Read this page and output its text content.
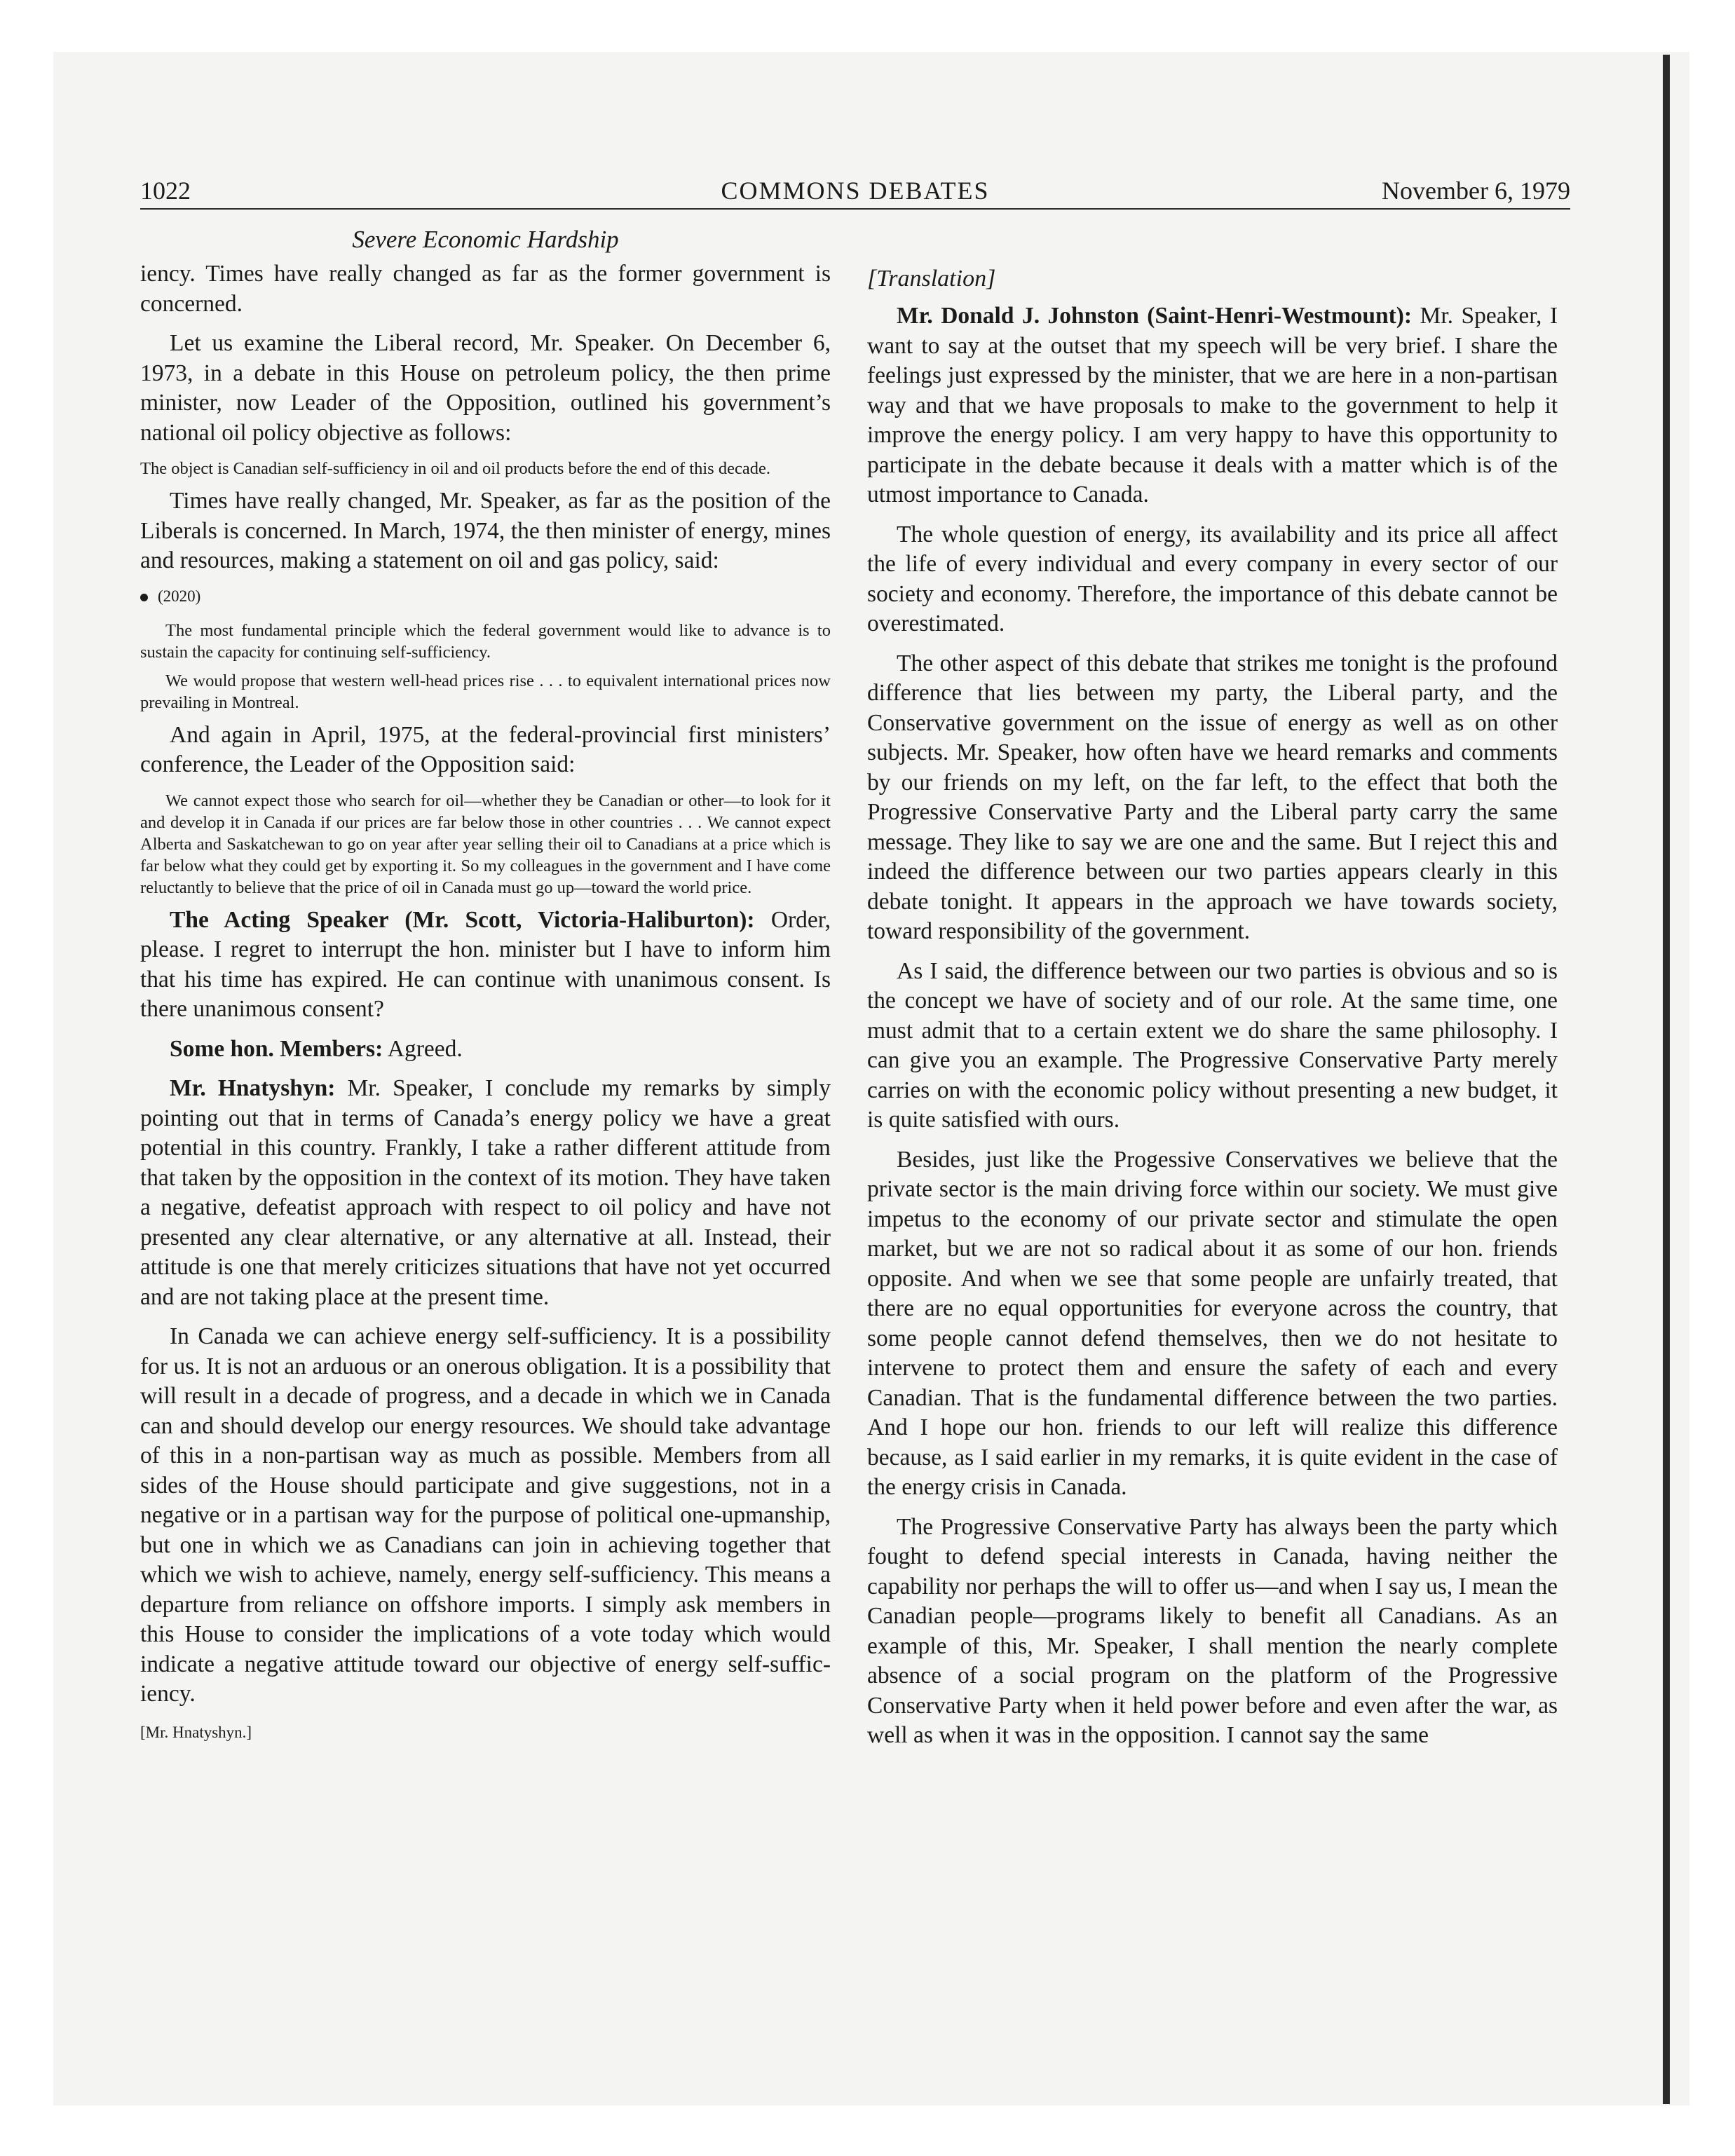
1022	COMMONS DEBATES	November 6, 1979

Severe Economic Hardship

iency. Times have really changed as far as the former government is concerned.

Let us examine the Liberal record, Mr. Speaker. On December 6, 1973, in a debate in this House on petroleum policy, the then prime minister, now Leader of the Opposition, outlined his government’s national oil policy objective as follows:

The object is Canadian self-sufficiency in oil and oil products before the end of this decade.

Times have really changed, Mr. Speaker, as far as the position of the Liberals is concerned. In March, 1974, the then minister of energy, mines and resources, making a statement on oil and gas policy, said:

(2020)

The most fundamental principle which the federal government would like to advance is to sustain the capacity for continuing self-sufficiency.

We would propose that western well-head prices rise . . . to equivalent international prices now prevailing in Montreal.

And again in April, 1975, at the federal-provincial first ministers’ conference, the Leader of the Opposition said:

We cannot expect those who search for oil—whether they be Canadian or other—to look for it and develop it in Canada if our prices are far below those in other countries . . . We cannot expect Alberta and Saskatchewan to go on year after year selling their oil to Canadians at a price which is far below what they could get by exporting it. So my colleagues in the government and I have come reluctantly to believe that the price of oil in Canada must go up—toward the world price.

The Acting Speaker (Mr. Scott, Victoria-Haliburton): Order, please. I regret to interrupt the hon. minister but I have to inform him that his time has expired. He can continue with unanimous consent. Is there unanimous consent?

Some hon. Members: Agreed.

Mr. Hnatyshyn: Mr. Speaker, I conclude my remarks by simply pointing out that in terms of Canada’s energy policy we have a great potential in this country. Frankly, I take a rather different attitude from that taken by the opposition in the context of its motion. They have taken a negative, defeatist approach with respect to oil policy and have not presented any clear alternative, or any alternative at all. Instead, their attitude is one that merely criticizes situations that have not yet occurred and are not taking place at the present time.

In Canada we can achieve energy self-sufficiency. It is a possibility for us. It is not an arduous or an onerous obligation. It is a possibility that will result in a decade of progress, and a decade in which we in Canada can and should develop our energy resources. We should take advantage of this in a non-partisan way as much as possible. Members from all sides of the House should participate and give suggestions, not in a negative or in a partisan way for the purpose of political one-upmanship, but one in which we as Canadians can join in achieving together that which we wish to achieve, namely, energy self-sufficiency. This means a departure from reliance on offshore imports. I simply ask members in this House to consider the implications of a vote today which would indicate a negative attitude toward our objective of energy self-sufficiency.

[Mr. Hnatyshyn.]

[Translation]

Mr. Donald J. Johnston (Saint-Henri-Westmount): Mr. Speaker, I want to say at the outset that my speech will be very brief. I share the feelings just expressed by the minister, that we are here in a non-partisan way and that we have proposals to make to the government to help it improve the energy policy. I am very happy to have this opportunity to participate in the debate because it deals with a matter which is of the utmost importance to Canada.

The whole question of energy, its availability and its price all affect the life of every individual and every company in every sector of our society and economy. Therefore, the importance of this debate cannot be overestimated.

The other aspect of this debate that strikes me tonight is the profound difference that lies between my party, the Liberal party, and the Conservative government on the issue of energy as well as on other subjects. Mr. Speaker, how often have we heard remarks and comments by our friends on my left, on the far left, to the effect that both the Progressive Conservative Party and the Liberal party carry the same message. They like to say we are one and the same. But I reject this and indeed the difference between our two parties appears clearly in this debate tonight. It appears in the approach we have towards society, toward responsibility of the government.

As I said, the difference between our two parties is obvious and so is the concept we have of society and of our role. At the same time, one must admit that to a certain extent we do share the same philosophy. I can give you an example. The Progressive Conservative Party merely carries on with the economic policy without presenting a new budget, it is quite satisfied with ours.

Besides, just like the Progessive Conservatives we believe that the private sector is the main driving force within our society. We must give impetus to the economy of our private sector and stimulate the open market, but we are not so radical about it as some of our hon. friends opposite. And when we see that some people are unfairly treated, that there are no equal opportunities for everyone across the country, that some people cannot defend themselves, then we do not hesitate to intervene to protect them and ensure the safety of each and every Canadian. That is the fundamental difference between the two parties. And I hope our hon. friends to our left will realize this difference because, as I said earlier in my remarks, it is quite evident in the case of the energy crisis in Canada.

The Progressive Conservative Party has always been the party which fought to defend special interests in Canada, having neither the capability nor perhaps the will to offer us—and when I say us, I mean the Canadian people—programs likely to benefit all Canadians. As an example of this, Mr. Speaker, I shall mention the nearly complete absence of a social program on the platform of the Progressive Conservative Party when it held power before and even after the war, as well as when it was in the opposition. I cannot say the same
